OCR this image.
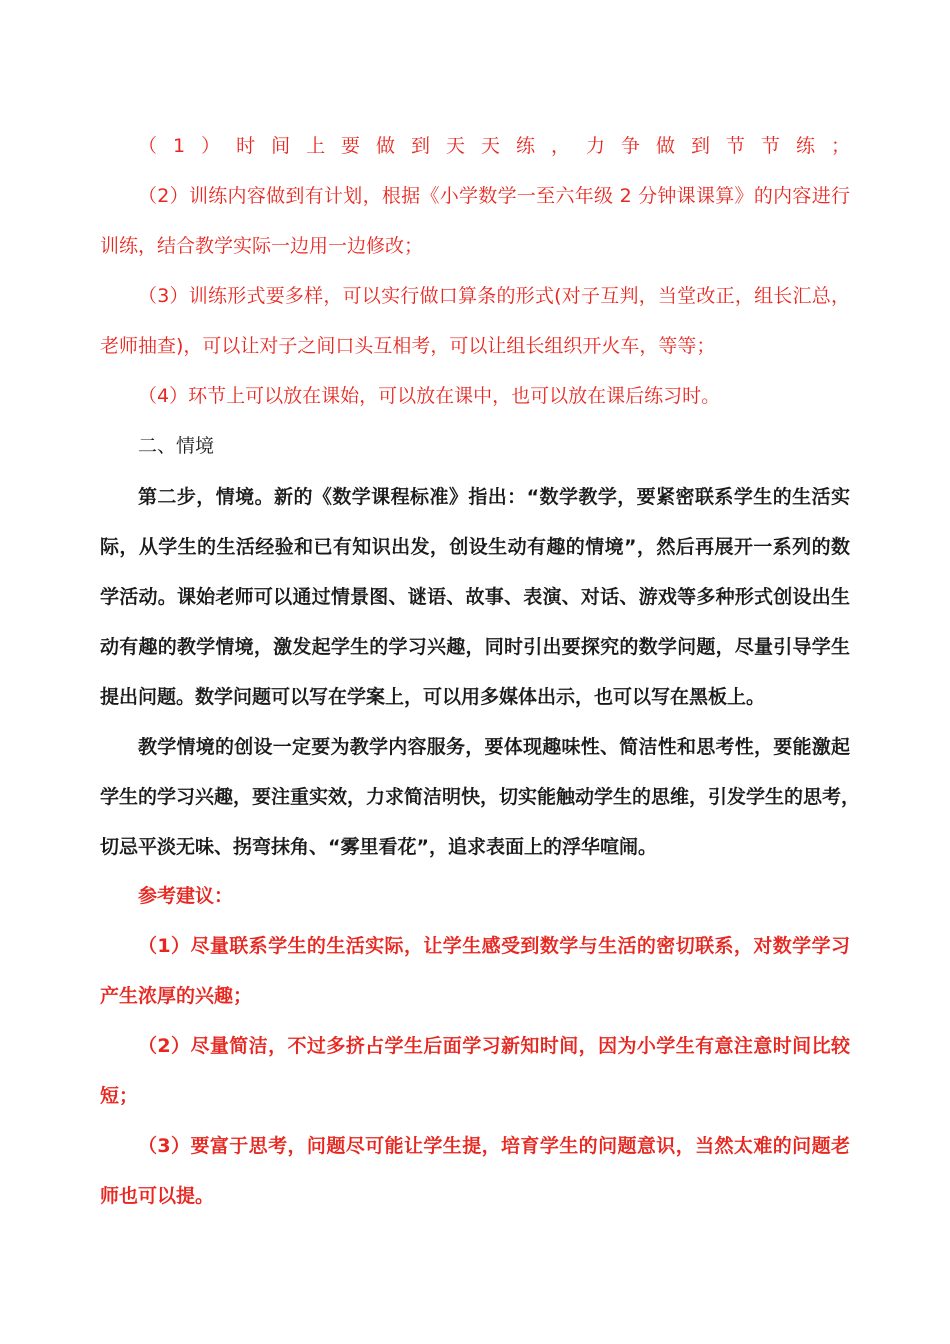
（1）时间上要做到天天练，力争做到节节练；
（2）训练内容做到有计划，根据《小学数学一至六年级 2 分钟课课算》的内容进行
训练，结合教学实际一边用一边修改；
（3）训练形式要多样，可以实行做口算条的形式(对子互判，当堂改正，组长汇总，
老师抽查)，可以让对子之间口头互相考，可以让组长组织开火车，等等；
（4）环节上可以放在课始，可以放在课中，也可以放在课后练习时。
二、情境
第二步，情境。新的《数学课程标准》指出：“数学教学，要紧密联系学生的生活实
际，从学生的生活经验和已有知识出发，创设生动有趣的情境”，然后再展开一系列的数
学活动。课始老师可以通过情景图、谜语、故事、表演、对话、游戏等多种形式创设出生
动有趣的教学情境，激发起学生的学习兴趣，同时引出要探究的数学问题，尽量引导学生
提出问题。数学问题可以写在学案上，可以用多媒体出示，也可以写在黑板上。
教学情境的创设一定要为教学内容服务，要体现趣味性、简洁性和思考性，要能激起
学生的学习兴趣，要注重实效，力求简洁明快，切实能触动学生的思维，引发学生的思考，
切忌平淡无味、拐弯抹角、“雾里看花”，追求表面上的浮华喧闹。
参考建议：
（1）尽量联系学生的生活实际，让学生感受到数学与生活的密切联系，对数学学习
产生浓厚的兴趣；
（2）尽量简洁，不过多挤占学生后面学习新知时间，因为小学生有意注意时间比较
短；
（3）要富于思考，问题尽可能让学生提，培育学生的问题意识，当然太难的问题老
师也可以提。
